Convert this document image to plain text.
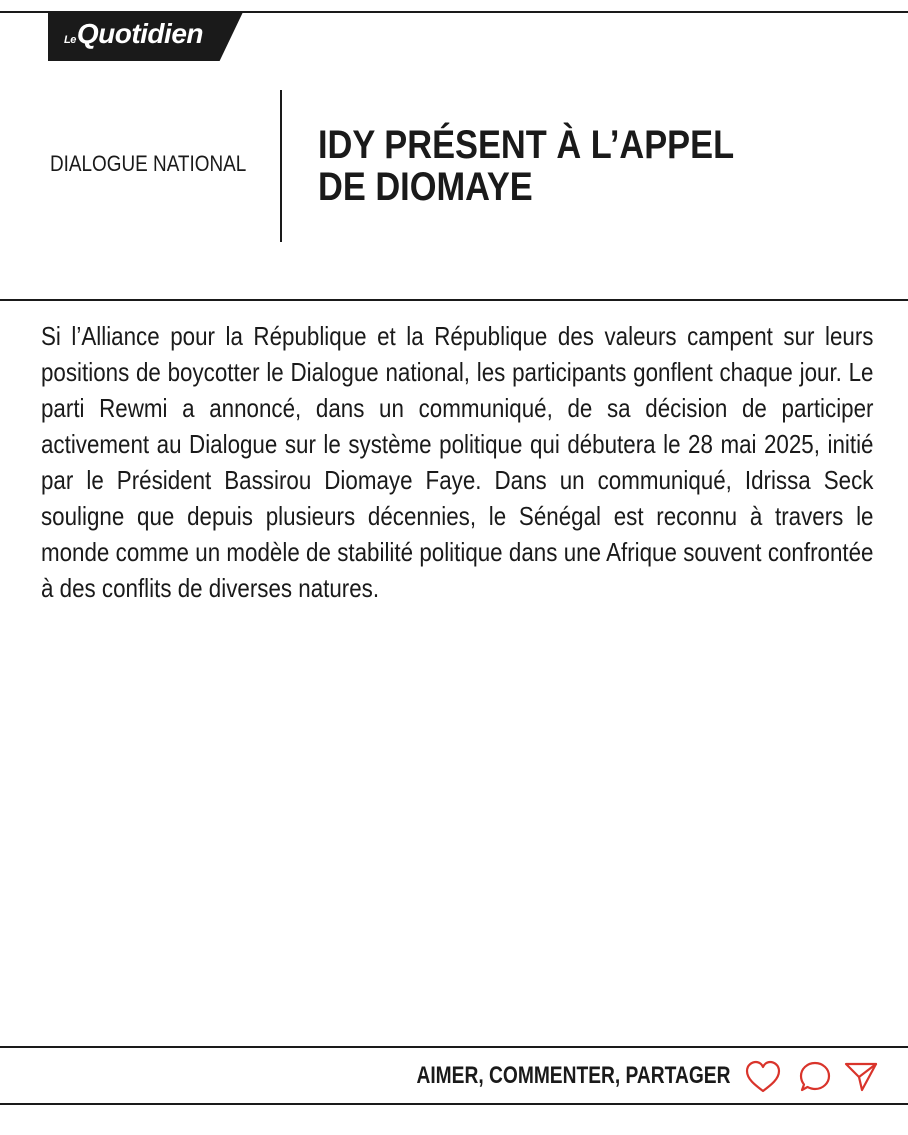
Le Quotidien
DIALOGUE NATIONAL IDY PRÉSENT À L’APPEL DE DIOMAYE

Si l’Alliance pour la République et la République des valeurs campent sur leurs positions de boycotter le Dialogue national, les participants gonflent chaque jour. Le parti Rewmi a annoncé, dans un communiqué, de sa décision de participer activement au Dialogue sur le système politique qui débutera le 28 mai 2025, initié par le Président Bassirou Diomaye Faye. Dans un communiqué, Idrissa Seck souligne que depuis plusieurs décennies, le Sénégal est reconnu à travers le monde comme un modèle de stabilité politique dans une Afrique souvent confrontée à des conflits de diverses natures.

AIMER, COMMENTER, PARTAGER
